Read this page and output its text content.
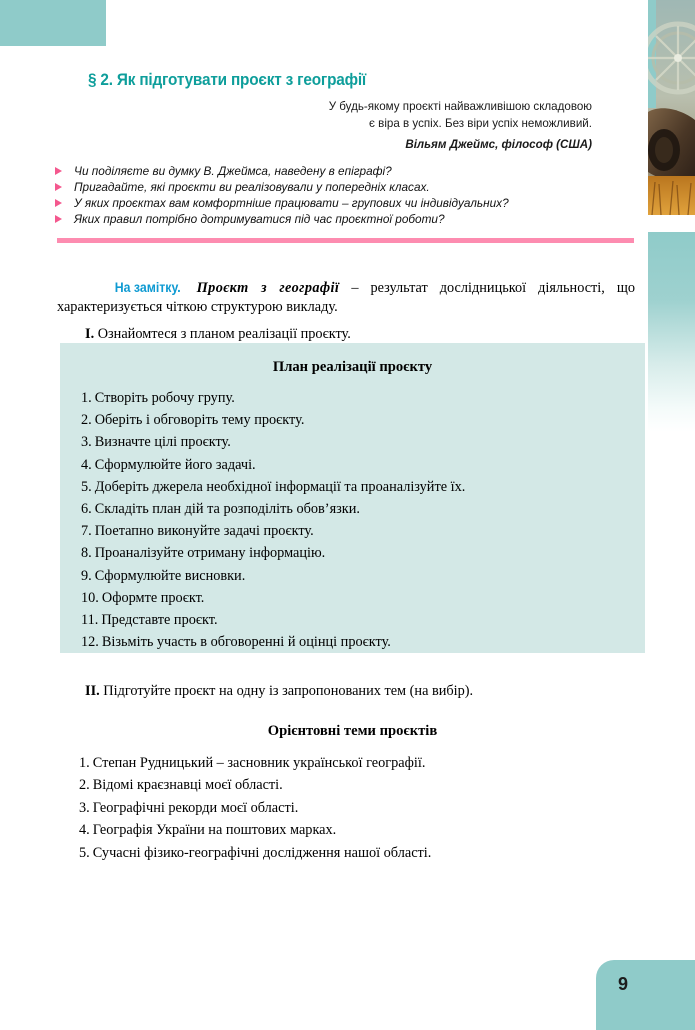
9
§ 2. Як підготувати проєкт з географії
У будь-якому проєкті найважливішою складовою
є віра в успіх. Без віри успіх неможливий.
Вільям Джеймс, філософ (США)
Чи поділяєте ви думку В. Джеймса, наведену в епіграфі?
Пригадайте, які проєкти ви реалізовували у попередніх класах.
У яких проєктах вам комфортніше працювати – групових чи індивідуальних?
Яких правил потрібно дотримуватися під час проєктної роботи?

На замітку. Проєкт з географії – результат дослідницької діяльності, що характеризується чіткою структурою викладу.

I. Ознайомтеся з планом реалізації проєкту.

План реалізації проєкту
1. Створіть робочу групу.
2. Оберіть і обговоріть тему проєкту.
3. Визначте цілі проєкту.
4. Сформулюйте його задачі.
5. Доберіть джерела необхідної інформації та проаналізуйте їх.
6. Складіть план дій та розподіліть обов’язки.
7. Поетапно виконуйте задачі проєкту.
8. Проаналізуйте отриману інформацію.
9. Сформулюйте висновки.
10. Оформте проєкт.
11. Представте проєкт.
12. Візьміть участь в обговоренні й оцінці проєкту.

II. Підготуйте проєкт на одну із запропонованих тем (на вибір).

Орієнтовні теми проєктів
1. Степан Рудницький – засновник української географії.
2. Відомі краєзнавці моєї області.
3. Географічні рекорди моєї області.
4. Географія України на поштових марках.
5. Сучасні фізико-географічні дослідження нашої області.
